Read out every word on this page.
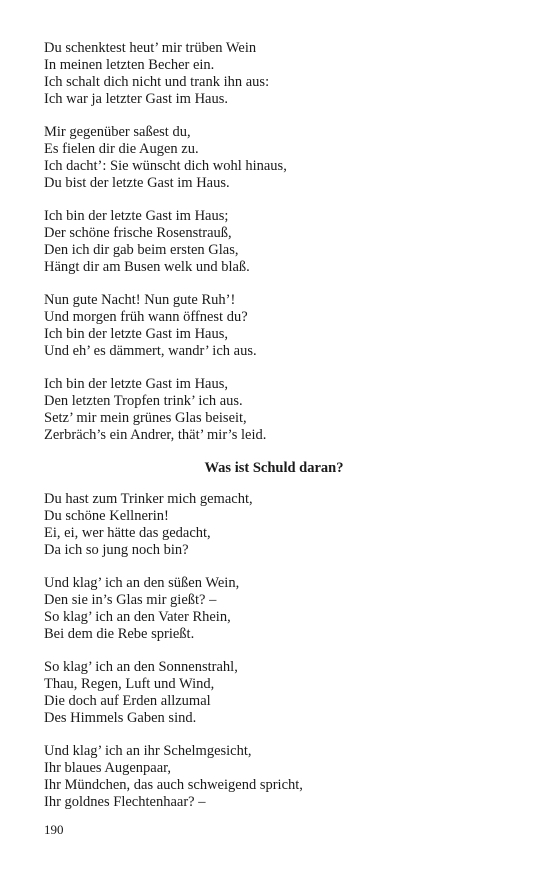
Du schenktest heut’ mir trüben Wein
In meinen letzten Becher ein.
Ich schalt dich nicht und trank ihn aus:
Ich war ja letzter Gast im Haus.
Mir gegenüber saßest du,
Es fielen dir die Augen zu.
Ich dacht’: Sie wünscht dich wohl hinaus,
Du bist der letzte Gast im Haus.
Ich bin der letzte Gast im Haus;
Der schöne frische Rosenstrauß,
Den ich dir gab beim ersten Glas,
Hängt dir am Busen welk und blaß.
Nun gute Nacht! Nun gute Ruh’!
Und morgen früh wann öffnest du?
Ich bin der letzte Gast im Haus,
Und eh’ es dämmert, wandr’ ich aus.
Ich bin der letzte Gast im Haus,
Den letzten Tropfen trink’ ich aus.
Setz’ mir mein grünes Glas beiseit,
Zerbräch’s ein Andrer, thät’ mir’s leid.
Was ist Schuld daran?
Du hast zum Trinker mich gemacht,
Du schöne Kellnerin!
Ei, ei, wer hätte das gedacht,
Da ich so jung noch bin?
Und klag’ ich an den süßen Wein,
Den sie in’s Glas mir gießt? –
So klag’ ich an den Vater Rhein,
Bei dem die Rebe sprießt.
So klag’ ich an den Sonnenstrahl,
Thau, Regen, Luft und Wind,
Die doch auf Erden allzumal
Des Himmels Gaben sind.
Und klag’ ich an ihr Schelmgesicht,
Ihr blaues Augenpaar,
Ihr Mündchen, das auch schweigend spricht,
Ihr goldnes Flechtenhaar? –
190
